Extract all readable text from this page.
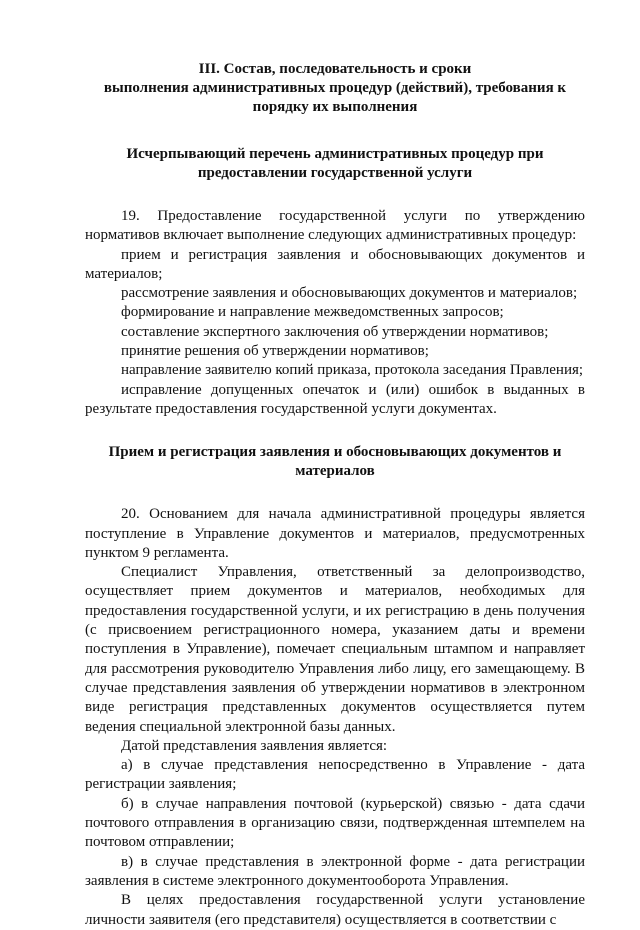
III. Состав, последовательность и сроки
выполнения административных процедур (действий), требования к
порядку их выполнения
Исчерпывающий перечень административных процедур при
предоставлении государственной услуги

19. Предоставление государственной услуги по утверждению нормативов включает выполнение следующих административных процедур:

прием и регистрация заявления и обосновывающих документов и материалов;

рассмотрение заявления и обосновывающих документов и материалов;

формирование и направление межведомственных запросов;

составление экспертного заключения об утверждении нормативов;

принятие решения об утверждении нормативов;

направление заявителю копий приказа, протокола заседания Правления;

исправление допущенных опечаток и (или) ошибок в выданных в результате предоставления государственной услуги документах.

Прием и регистрация заявления и обосновывающих документов и
материалов

20. Основанием для начала административной процедуры является поступление в Управление документов и материалов, предусмотренных пунктом 9 регламента.

Специалист Управления, ответственный за делопроизводство, осуществляет прием документов и материалов, необходимых для предоставления государственной услуги, и их регистрацию в день получения (с присвоением регистрационного номера, указанием даты и времени поступления в Управление), помечает специальным штампом и направляет для рассмотрения руководителю Управления либо лицу, его замещающему. В случае представления заявления об утверждении нормативов в электронном виде регистрация представленных документов осуществляется путем ведения специальной электронной базы данных.

Датой представления заявления является:

а) в случае представления непосредственно в Управление - дата регистрации заявления;

б) в случае направления почтовой (курьерской) связью - дата сдачи почтового отправления в организацию связи, подтвержденная штемпелем на почтовом отправлении;

в) в случае представления в электронной форме - дата регистрации заявления в системе электронного документооборота Управления.

В целях предоставления государственной услуги установление личности заявителя (его представителя) осуществляется в соответствии с
